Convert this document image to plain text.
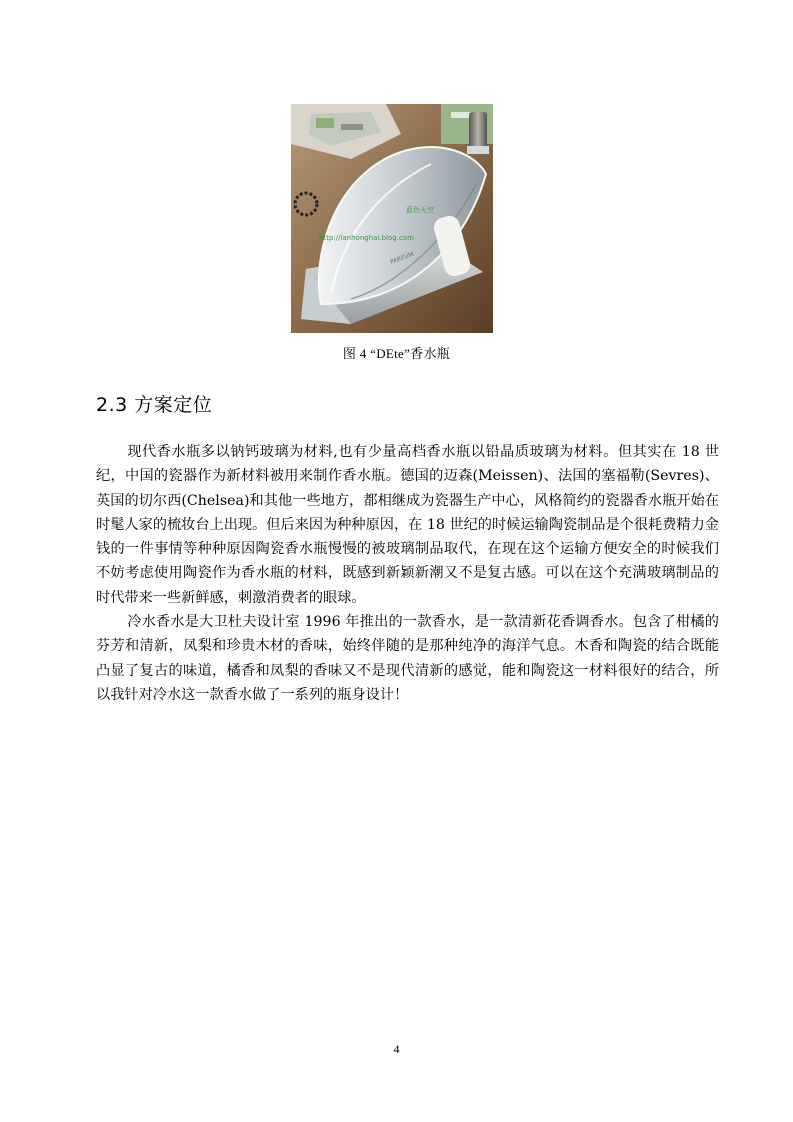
蓝色天空
http://lanhonghai.blog.com
PARFUM
图 4 “DEte”香水瓶
2.3 方案定位

现代香水瓶多以钠钙玻璃为材料,也有少量高档香水瓶以铅晶质玻璃为材料。但其实在 18 世纪，中国的瓷器作为新材料被用来制作香水瓶。德国的迈森(Meissen)、法国的塞福勒(Sevres)、英国的切尔西(Chelsea)和其他一些地方，都相继成为瓷器生产中心，风格简约的瓷器香水瓶开始在时髦人家的梳妆台上出现。但后来因为种种原因，在 18 世纪的时候运输陶瓷制品是个很耗费精力金钱的一件事情等种种原因陶瓷香水瓶慢慢的被玻璃制品取代，在现在这个运输方便安全的时候我们不妨考虑使用陶瓷作为香水瓶的材料，既感到新颖新潮又不是复古感。可以在这个充满玻璃制品的时代带来一些新鲜感，刺激消费者的眼球。

冷水香水是大卫杜夫设计室 1996 年推出的一款香水，是一款清新花香调香水。包含了柑橘的芬芳和清新，凤梨和珍贵木材的香味，始终伴随的是那种纯净的海洋气息。木香和陶瓷的结合既能凸显了复古的味道，橘香和凤梨的香味又不是现代清新的感觉，能和陶瓷这一材料很好的结合，所以我针对冷水这一款香水做了一系列的瓶身设计！

4
